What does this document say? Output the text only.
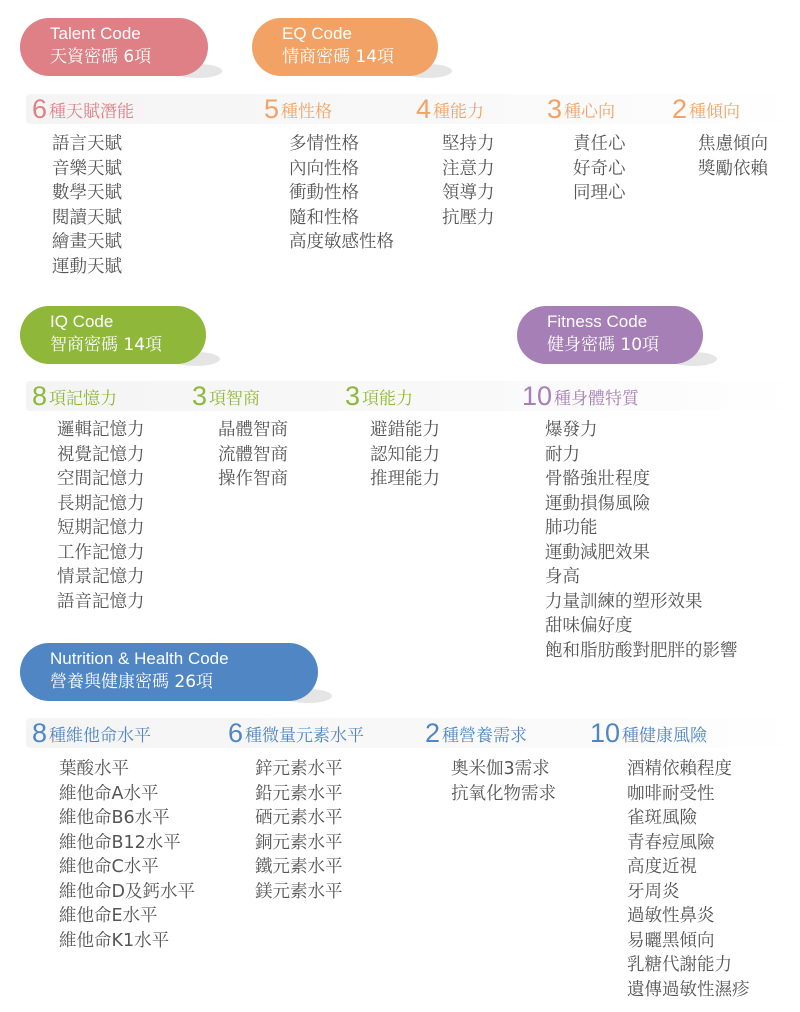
Talent Code
天資密碼 6項
6 種天賦潛能
語言天賦
音樂天賦
數學天賦
閱讀天賦
繪畫天賦
運動天賦
EQ Code
情商密碼 14項
5 種性格
多情性格
內向性格
衝動性格
隨和性格
高度敏感性格
4 種能力
堅持力
注意力
領導力
抗壓力
3 種心向
責任心
好奇心
同理心
2 種傾向
焦慮傾向
獎勵依賴
IQ Code
智商密碼 14項
8 項記憶力
邏輯記憶力
視覺記憶力
空間記憶力
長期記憶力
短期記憶力
工作記憶力
情景記憶力
語音記憶力
3 項智商
晶體智商
流體智商
操作智商
3 項能力
避錯能力
認知能力
推理能力
Fitness Code
健身密碼 10項
10 種身體特質
爆發力
耐力
骨骼強壯程度
運動損傷風險
肺功能
運動減肥效果
身高
力量訓練的塑形效果
甜味偏好度
飽和脂肪酸對肥胖的影響
Nutrition & Health Code
營養與健康密碼 26項
8 種維他命水平
葉酸水平
維他命A水平
維他命B6水平
維他命B12水平
維他命C水平
維他命D及鈣水平
維他命E水平
維他命K1水平
6 種微量元素水平
鋅元素水平
鉛元素水平
硒元素水平
銅元素水平
鐵元素水平
鎂元素水平
2 種營養需求
奧米伽3需求
抗氧化物需求
10 種健康風險
酒精依賴程度
咖啡耐受性
雀斑風險
青春痘風險
高度近視
牙周炎
過敏性鼻炎
易曬黑傾向
乳糖代謝能力
遺傳過敏性濕疹
